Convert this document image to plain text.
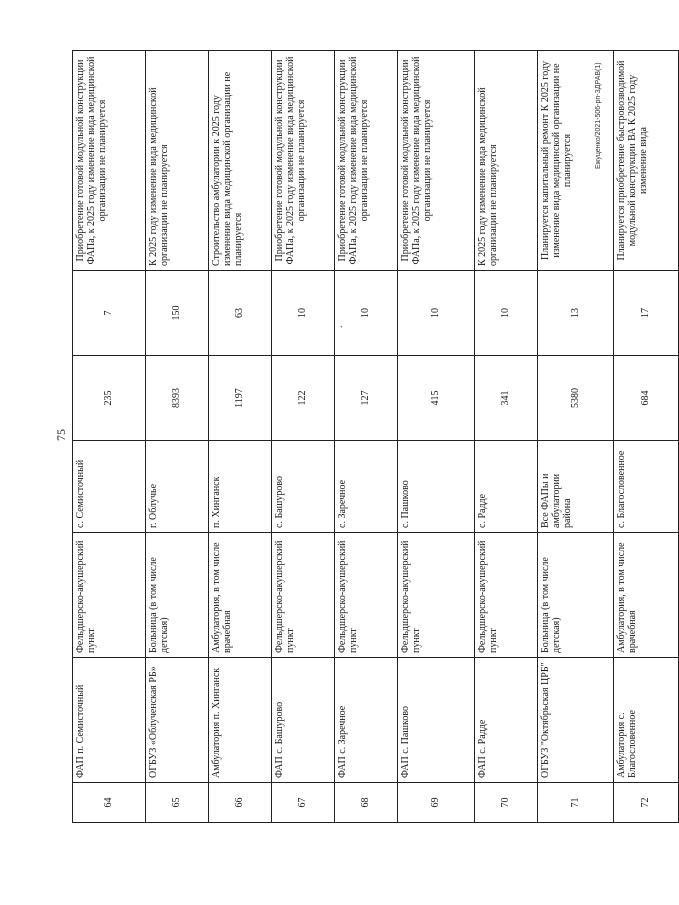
75
.
64	ФАП п. Семисточный	Фельдшерско-акушерский пункт	с. Семисточный	235	7	Приобретение готовой модульной конструкции ФАПа, к 2025 году изменение вида медицинской организации не планируется
65	ОГБУЗ «Облученская РБ»	Больница (в том числе детская)	г. Облучье	8393	150	К 2025 году изменение вида медицинской организации не планируется
66	Амбулатория п. Хинганск	Амбулатория, в том числе врачебная	п. Хинганск	1197	63	Строительство амбулатории к 2025 году изменение вида медицинской организации не планируется
67	ФАП с. Башурово	Фельдшерско-акушерский пункт	с. Башурово	122	10	Приобретение готовой модульной конструкции ФАПа, к 2025 году изменение вида медицинской организации не планируется
68	ФАП с. Заречное	Фельдшерско-акушерский пункт	с. Заречное	127	10	Приобретение готовой модульной конструкции ФАПа, к 2025 году изменение вида медицинской организации не планируется
69	ФАП с. Пашково	Фельдшерско-акушерский пункт	с. Пашково	415	10	Приобретение готовой модульной конструкции ФАПа, к 2025 году изменение вида медицинской организации не планируется
70	ФАП с. Радде	Фельдшерско-акушерский пункт	с. Радде	341	10	К 2025 году изменение вида медицинской организации не планируется
71	ОГБУЗ "Октябрьская ЦРБ"	Больница (в том числе детская)	Все ФАПы и амбулатории района	5380	13	Планируется капитальный ремонт К 2025 году изменение вида медицинской организации не планируется
72	Амбулатория с. Благословенное	Амбулатория, в том числе врачебная	с. Благословенное	684	17	Планируется приобретение быстровозводимой модульной конструкции ВА К 2025 году изменение вида
Ежуценко/2021-506-рп-ЗДРАВ(1)
